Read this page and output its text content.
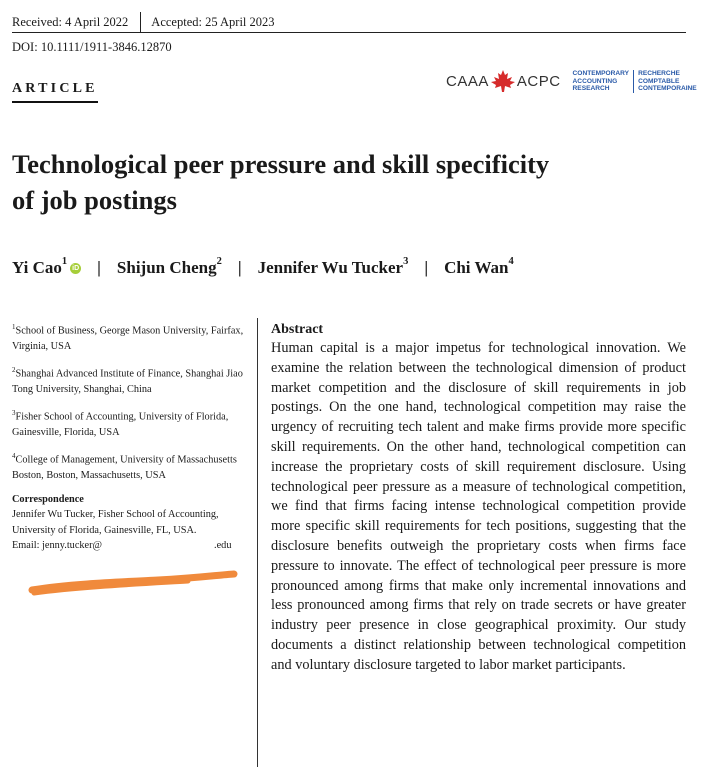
Received: 4 April 2022 Accepted: 25 April 2023
DOI: 10.1111/1911-3846.12870
ARTICLE	CAAA ACPC CONTEMPORARY
ACCOUNTING
RESEARCH
RECHERCHE
COMPTABLE
CONTEMPORAINE
Technological peer pressure and skill specificity
of job postings
Yi Cao$^1$iD | Shijun Cheng$^2$ | Jennifer Wu Tucker$^3$ | Chi Wan$^4$

$^1$School of Business, George Mason University, Fairfax, Virginia, USA

$^2$Shanghai Advanced Institute of Finance, Shanghai Jiao Tong University, Shanghai, China

$^3$Fisher School of Accounting, University of Florida, Gainesville, Florida, USA

$^4$College of Management, University of Massachusetts Boston, Boston, Massachusetts, USA

Correspondence
Jennifer Wu Tucker, Fisher School of Accounting, University of Florida, Gainesville, FL, USA.
Email: jenny.tucker@	.edu
Abstract

Human capital is a major impetus for technological innovation. We examine the relation between the technological dimension of product market competition and the disclosure of skill requirements in job postings. On the one hand, technological competition may raise the urgency of recruiting tech talent and make firms provide more specific skill requirements. On the other hand, technological competition can increase the proprietary costs of skill requirement disclosure. Using technological peer pressure as a measure of technological competition, we find that firms facing intense technological competition provide more specific skill requirements for tech positions, suggesting that the disclosure benefits outweigh the proprietary costs when firms face pressure to innovate. The effect of technological peer pressure is more pronounced among firms that make only incremental innovations and less pronounced among firms that rely on trade secrets or have greater industry peer presence in close geographical proximity. Our study documents a distinct relationship between technological competition and voluntary disclosure targeted to labor market participants.
